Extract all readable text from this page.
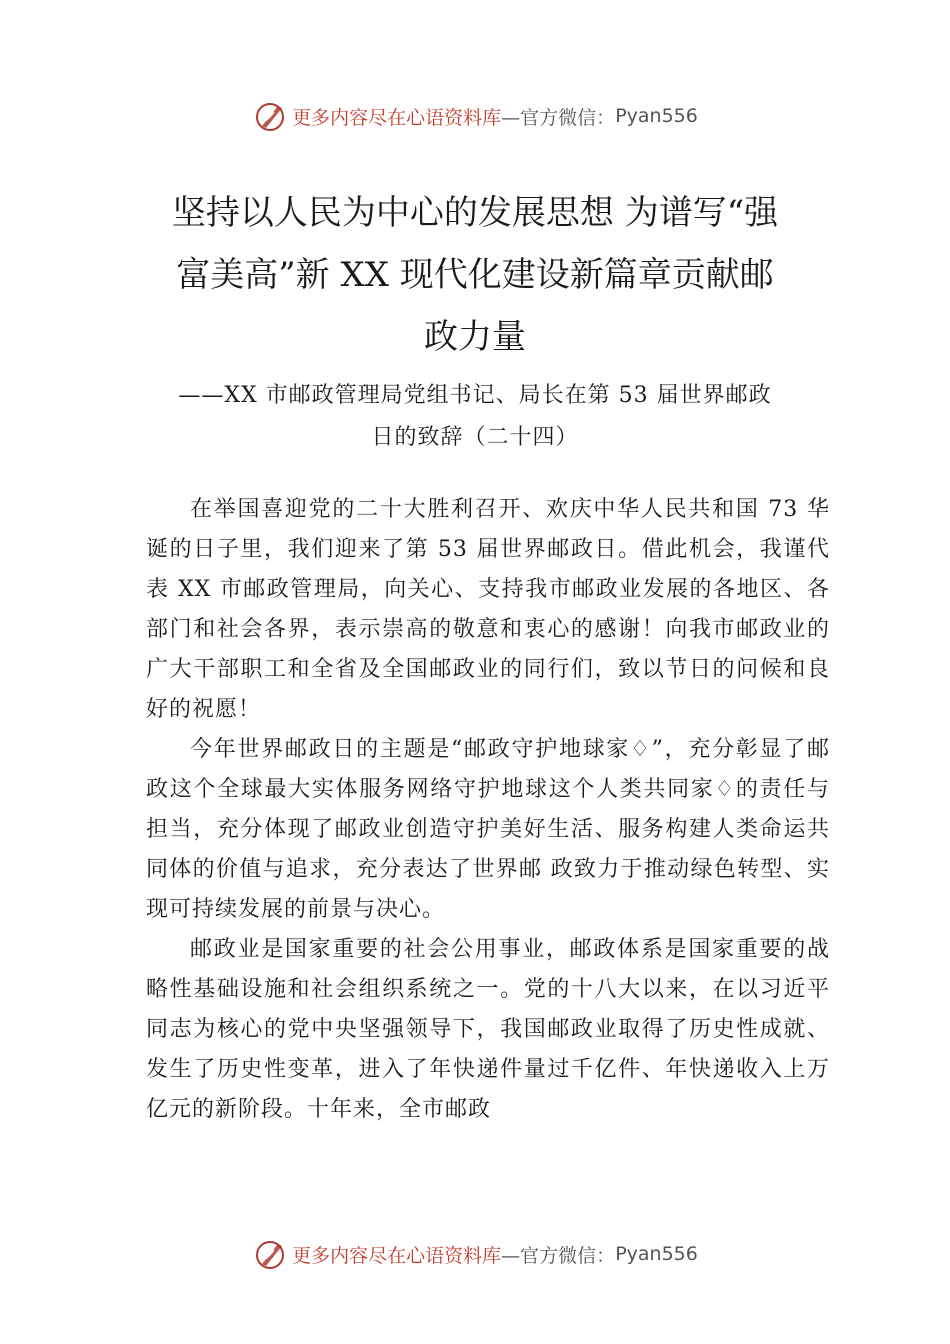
更多内容尽在心语资料库 —官方微信： Pyan556
坚持以人民为中心的发展思想 为谱写“强
富美高”新 XX 现代化建设新篇章贡献邮
政力量
——XX 市邮政管理局党组书记、局长在第 53 届世界邮政
日的致辞（二十四）

在举国喜迎党的二十大胜利召开、欢庆中华人民共和国 73 华诞的日子里，我们迎来了第 53 届世界邮政日。借此机会，我谨代表 XX 市邮政管理局，向关心、支持我市邮政业发展的各地区、各部门和社会各界，表示崇高的敬意和衷心的感谢！向我市邮政业的广大干部职工和全省及全国邮政业的同行们，致以节日的问候和良好的祝愿！

今年世界邮政日的主题是“邮政守护地球家♢”，充分彰显了邮政这个全球最大实体服务网络守护地球这个人类共同家♢的责任与担当，充分体现了邮政业创造守护美好生活、服务构建人类命运共同体的价值与追求，充分表达了世界邮 政致力于推动绿色转型、实现可持续发展的前景与决心。

邮政业是国家重要的社会公用事业，邮政体系是国家重要的战略性基础设施和社会组织系统之一。党的十八大以来，在以习近平同志为核心的党中央坚强领导下，我国邮政业取得了历史性成就、发生了历史性变革，进入了年快递件量过千亿件、年快递收入上万亿元的新阶段。十年来，全市邮政

更多内容尽在心语资料库 —官方微信： Pyan556
